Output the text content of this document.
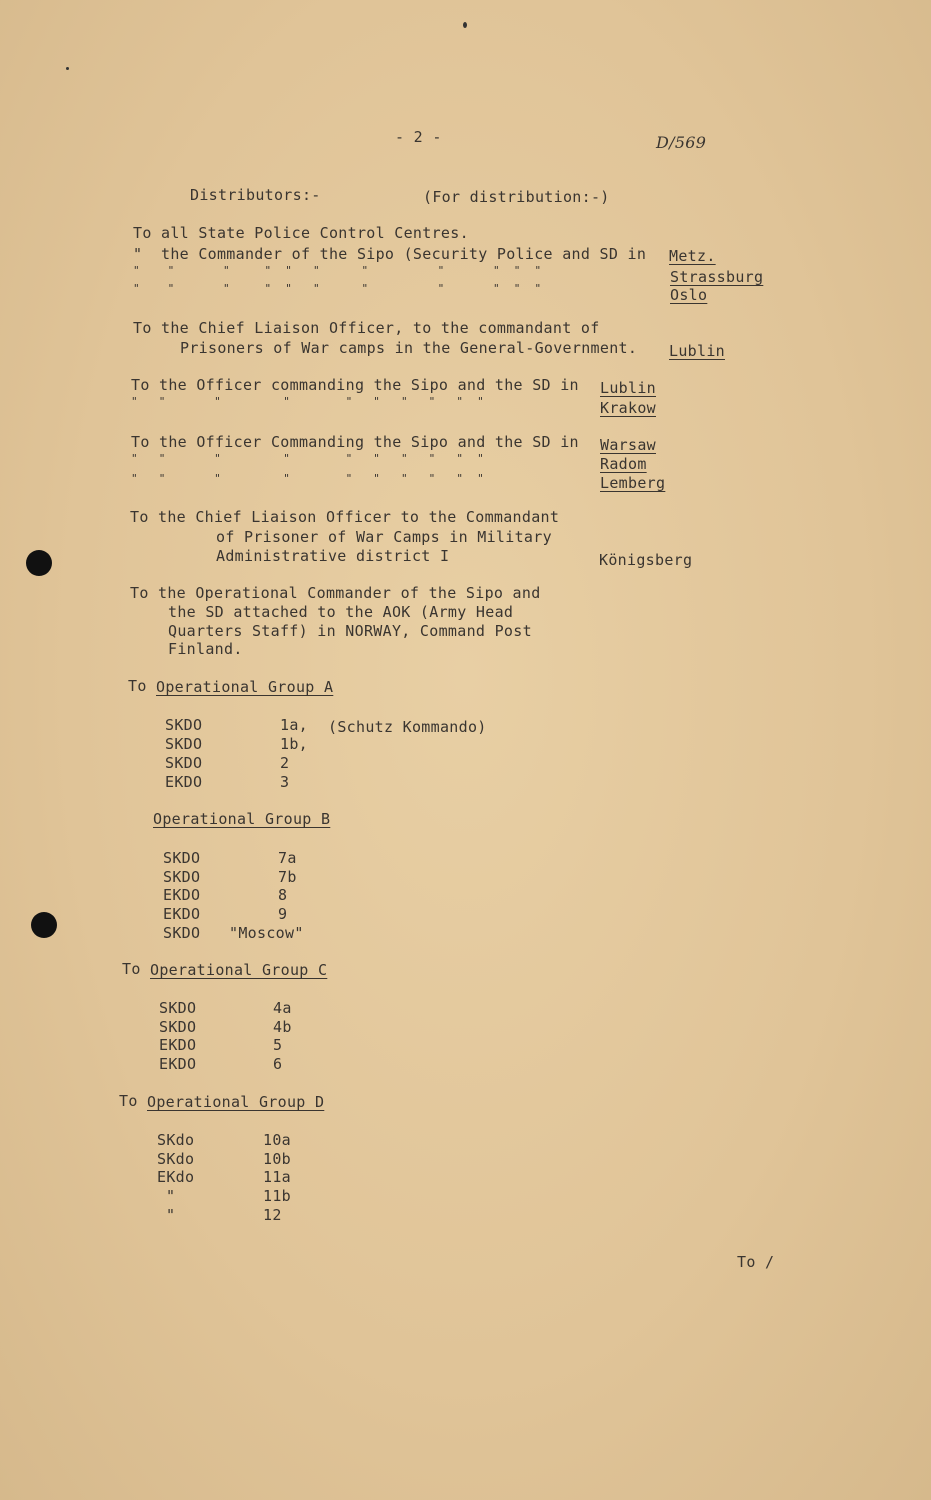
- 2 -	D/569
Distributors:-	(For distribution:-)
To all State Police Control Centres.
"  the Commander of the Sipo (Security Police and SD in Metz.
"    "       "     "  "   "      "          "       "  "  "	Strassburg
"    "       "     "  "   "      "          "       "  "  "	Oslo
To the Chief Liaison Officer, to the commandant of
Prisoners of War camps in the General-Government. Lublin
To the Officer commanding the Sipo and the SD in Lublin
"   "       "         "        "   "   "   "   "  "	Krakow
To the Officer Commanding the Sipo and the SD in Warsaw
"   "       "         "        "   "   "   "   "  "	Radom
"   "       "         "        "   "   "   "   "  "	Lemberg
To the Chief Liaison Officer to the Commandant
of Prisoner of War Camps in Military
Administrative district I	Königsberg
To the Operational Commander of the Sipo and
the SD attached to the AOK (Army Head
Quarters Staff) in NORWAY, Command Post
Finland.
To Operational Group A
SKDO	1a, (Schutz Kommando)
SKDO	1b,
SKDO	2
EKDO	3
Operational Group B
SKDO	7a
SKDO	7b
EKDO	8
EKDO	9
SKDO "Moscow"
To Operational Group C
SKDO	4a
SKDO	4b
EKDO	5
EKDO	6
To Operational Group D
SKdo	10a
SKdo	10b
EKdo	11a
"	11b
"	12
To /
